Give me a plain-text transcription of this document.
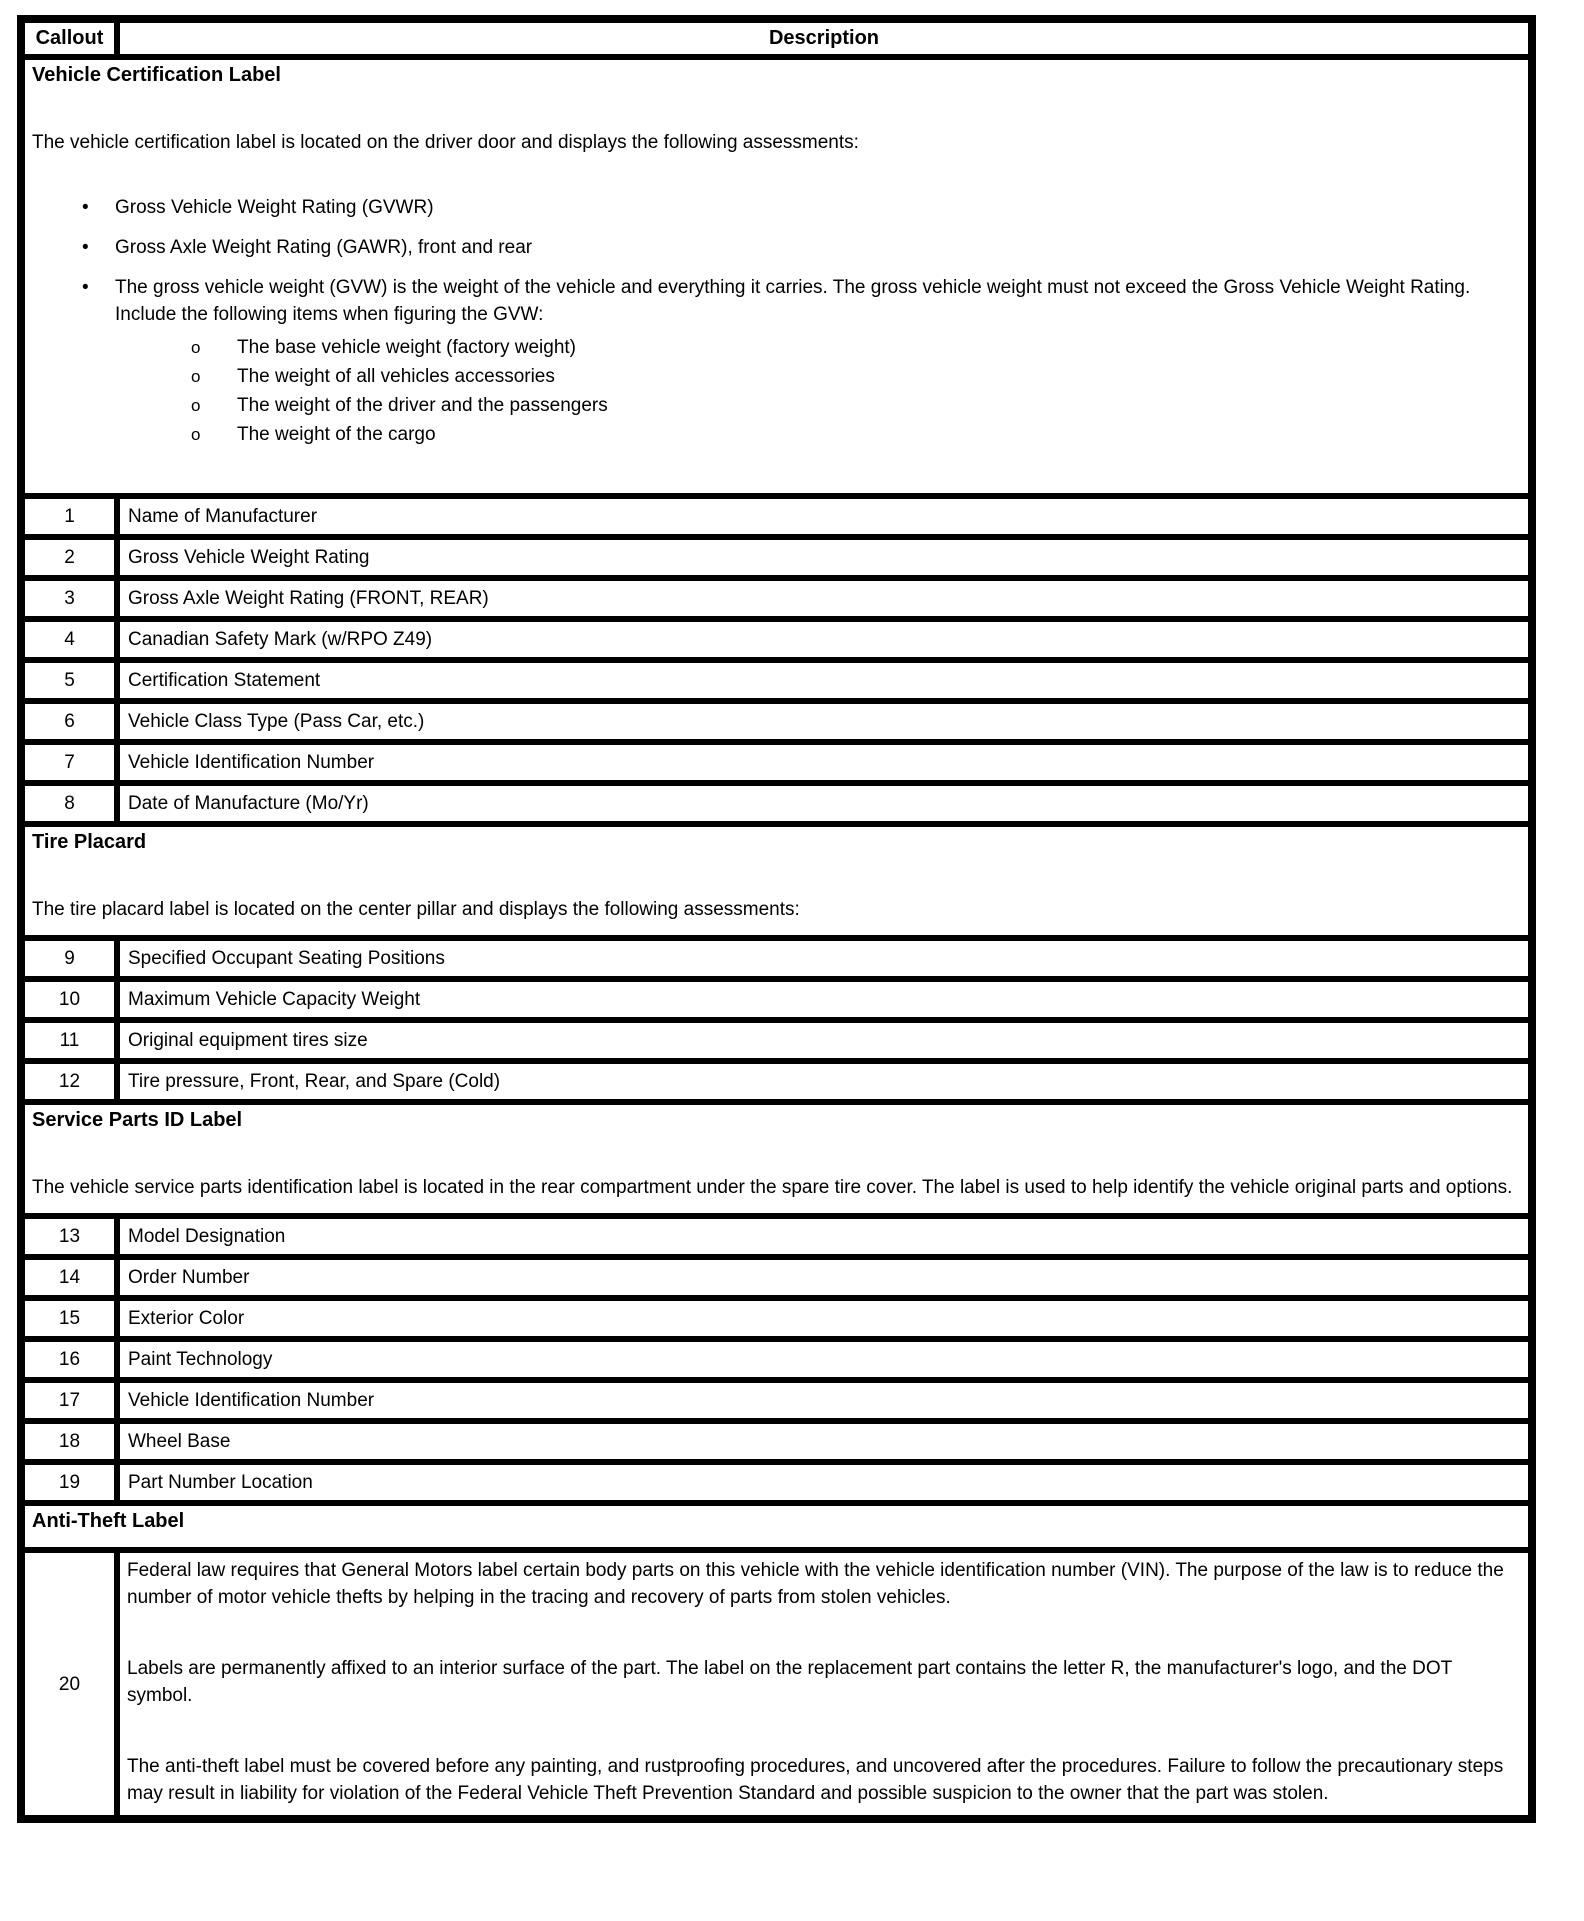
Callout	Description

Vehicle Certification Label

The vehicle certification label is located on the driver door and displays the following assessments:

• Gross Vehicle Weight Rating (GVWR)
• Gross Axle Weight Rating (GAWR), front and rear
• The gross vehicle weight (GVW) is the weight of the vehicle and everything it carries. The gross vehicle weight must not exceed the Gross Vehicle Weight Rating. Include the following items when figuring the GVW:
o The base vehicle weight (factory weight)
o The weight of all vehicles accessories
o The weight of the driver and the passengers
o The weight of the cargo

1	Name of Manufacturer
2	Gross Vehicle Weight Rating
3	Gross Axle Weight Rating (FRONT, REAR)
4	Canadian Safety Mark (w/RPO Z49)
5	Certification Statement
6	Vehicle Class Type (Pass Car, etc.)
7	Vehicle Identification Number
8	Date of Manufacture (Mo/Yr)

Tire Placard

The tire placard label is located on the center pillar and displays the following assessments:	

9	Specified Occupant Seating Positions
10	Maximum Vehicle Capacity Weight
11	Original equipment tires size
12	Tire pressure, Front, Rear, and Spare (Cold)

Service Parts ID Label

The vehicle service parts identification label is located in the rear compartment under the spare tire cover. The label is used to help identify the vehicle original parts and options.	

13	Model Designation
14	Order Number
15	Exterior Color
16	Paint Technology
17	Vehicle Identification Number
18	Wheel Base
19	Part Number Location

Anti-Theft Label	

20	Federal law requires that General Motors label certain body parts on this vehicle with the vehicle identification number (VIN). The purpose of the law is to reduce the number of motor vehicle thefts by helping in the tracing and recovery of parts from stolen vehicles.

Labels are permanently affixed to an interior surface of the part. The label on the replacement part contains the letter R, the manufacturer's logo, and the DOT symbol.

The anti-theft label must be covered before any painting, and rustproofing procedures, and uncovered after the procedures. Failure to follow the precautionary steps may result in liability for violation of the Federal Vehicle Theft Prevention Standard and possible suspicion to the owner that the part was stolen.
